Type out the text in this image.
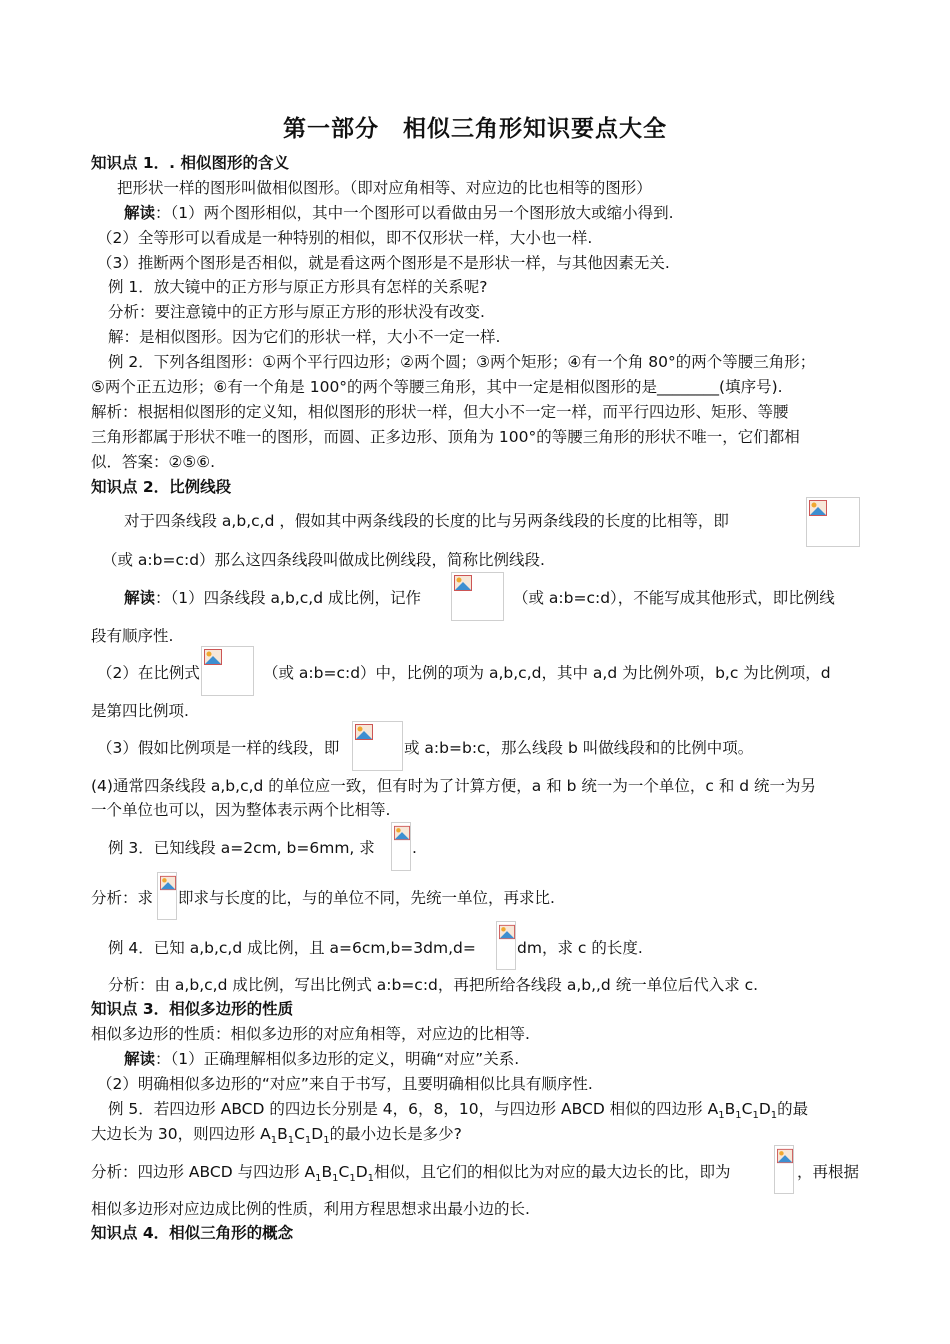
第一部分　相似三角形知识要点大全
知识点 1．. 相似图形的含义
把形状一样的图形叫做相似图形。（即对应角相等、对应边的比也相等的图形）
解读：（1）两个图形相似，其中一个图形可以看做由另一个图形放大或缩小得到.
（2）全等形可以看成是一种特别的相似，即不仅形状一样，大小也一样.
（3）推断两个图形是否相似，就是看这两个图形是不是形状一样，与其他因素无关.
例 1．放大镜中的正方形与原正方形具有怎样的关系呢?
分析：要注意镜中的正方形与原正方形的形状没有改变.
解：是相似图形。因为它们的形状一样，大小不一定一样.
例 2．下列各组图形：①两个平行四边形；②两个圆；③两个矩形；④有一个角 80°的两个等腰三角形；
⑤两个正五边形；⑥有一个角是 100°的两个等腰三角形，其中一定是相似图形的是________(填序号).
解析：根据相似图形的定义知，相似图形的形状一样，但大小不一定一样，而平行四边形、矩形、等腰
三角形都属于形状不唯一的图形，而圆、正多边形、顶角为 100°的等腰三角形的形状不唯一，它们都相
似．答案：②⑤⑥.
知识点 2．比例线段
对于四条线段 a,b,c,d ，假如其中两条线段的长度的比与另两条线段的长度的比相等，即
（或 a:b=c:d）那么这四条线段叫做成比例线段，简称比例线段.
解读：（1）四条线段 a,b,c,d 成比例，记作	（或 a:b=c:d），不能写成其他形式，即比例线
段有顺序性.
（2）在比例式	（或 a:b=c:d）中，比例的项为 a,b,c,d，其中 a,d 为比例外项，b,c 为比例项，d
是第四比例项.
（3）假如比例项是一样的线段，即	或 a:b=b:c，那么线段 b 叫做线段和的比例中项。
(4)通常四条线段 a,b,c,d 的单位应一致，但有时为了计算方便，a 和 b 统一为一个单位，c 和 d 统一为另
一个单位也可以，因为整体表示两个比相等.
例 3．已知线段 a=2cm, b=6mm, 求	.
分析：求	即求与长度的比，与的单位不同，先统一单位，再求比.
例 4．已知 a,b,c,d 成比例，且 a=6cm,b=3dm,d=	dm，求 c 的长度.
分析：由 a,b,c,d 成比例，写出比例式 a:b=c:d，再把所给各线段 a,b,,d 统一单位后代入求 c.
知识点 3．相似多边形的性质
相似多边形的性质：相似多边形的对应角相等，对应边的比相等.
解读：（1）正确理解相似多边形的定义，明确“对应”关系.
（2）明确相似多边形的“对应”来自于书写，且要明确相似比具有顺序性.
例 5．若四边形 ABCD 的四边长分别是 4，6，8，10，与四边形 ABCD 相似的四边形 $A_1B_1C_1D_1$的最
大边长为 30，则四边形 $A_1B_1C_1D_1$的最小边长是多少?
分析：四边形 ABCD 与四边形 $A_1B_1C_1D_1$相似，且它们的相似比为对应的最大边长的比，即为	，再根据
相似多边形对应边成比例的性质，利用方程思想求出最小边的长.
知识点 4．相似三角形的概念
